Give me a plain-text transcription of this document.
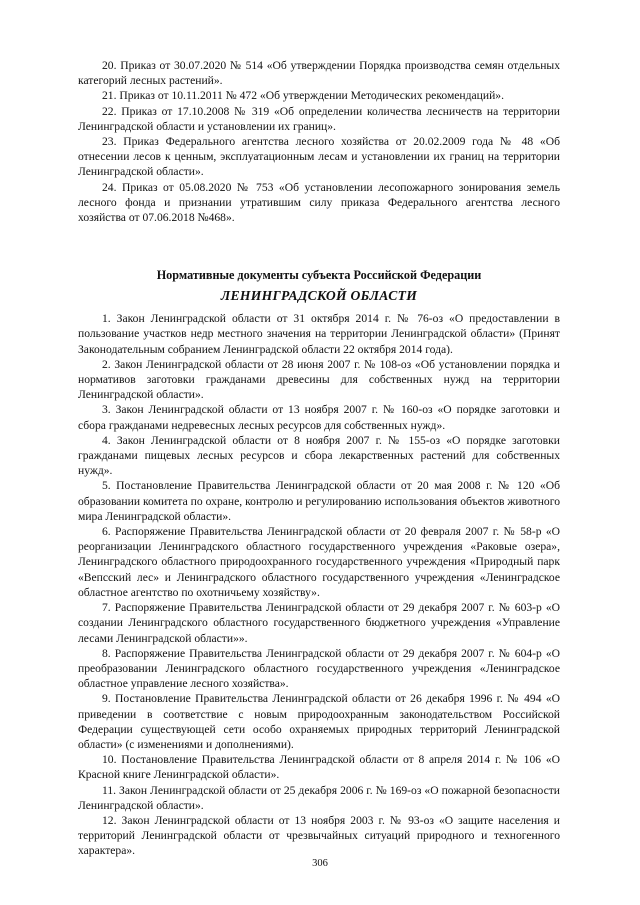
20. Приказ от 30.07.2020 № 514 «Об утверждении Порядка производства семян отдельных категорий лесных растений».

21. Приказ от 10.11.2011 № 472 «Об утверждении Методических рекомендаций».

22. Приказ от 17.10.2008 № 319 «Об определении количества лесничеств на территории Ленинградской области и установлении их границ».

23. Приказ Федерального агентства лесного хозяйства от 20.02.2009 года № 48 «Об отнесении лесов к ценным, эксплуатационным лесам и установлении их границ на территории Ленинградской области».

24. Приказ от 05.08.2020 № 753 «Об установлении лесопожарного зонирования земель лесного фонда и признании утратившим силу приказа Федерального агентства лесного хозяйства от 07.06.2018 №468».

Нормативные документы субъекта Российской Федерации
ЛЕНИНГРАДСКОЙ ОБЛАСТИ

1. Закон Ленинградской области от 31 октября 2014 г. № 76-оз «О предоставлении в пользование участков недр местного значения на территории Ленинградской области» (Принят Законодательным собранием Ленинградской области 22 октября 2014 года).

2. Закон Ленинградской области от 28 июня 2007 г. № 108-оз «Об установлении порядка и нормативов заготовки гражданами древесины для собственных нужд на территории Ленинградской области».

3. Закон Ленинградской области от 13 ноября 2007 г. № 160-оз «О порядке заготовки и сбора гражданами недревесных лесных ресурсов для собственных нужд».

4. Закон Ленинградской области от 8 ноября 2007 г. № 155-оз «О порядке заготовки гражданами пищевых лесных ресурсов и сбора лекарственных растений для собственных нужд».

5. Постановление Правительства Ленинградской области от 20 мая 2008 г. № 120 «Об образовании комитета по охране, контролю и регулированию использования объектов животного мира Ленинградской области».

6. Распоряжение Правительства Ленинградской области от 20 февраля 2007 г. № 58-р «О реорганизации Ленинградского областного государственного учреждения «Раковые озера», Ленинградского областного природоохранного государственного учреждения «Природный парк «Вепсский лес» и Ленинградского областного государственного учреждения «Ленинградское областное агентство по охотничьему хозяйству».

7. Распоряжение Правительства Ленинградской области от 29 декабря 2007 г. № 603-р «О создании Ленинградского областного государственного бюджетного учреждения «Управление лесами Ленинградской области»».

8. Распоряжение Правительства Ленинградской области от 29 декабря 2007 г. № 604-р «О преобразовании Ленинградского областного государственного учреждения «Ленинградское областное управление лесного хозяйства».

9. Постановление Правительства Ленинградской области от 26 декабря 1996 г. № 494 «О приведении в соответствие с новым природоохранным законодательством Российской Федерации существующей сети особо охраняемых природных территорий Ленинградской области» (с изменениями и дополнениями).

10. Постановление Правительства Ленинградской области от 8 апреля 2014 г. № 106 «О Красной книге Ленинградской области».

11. Закон Ленинградской области от 25 декабря 2006 г. № 169-оз «О пожарной безопасности Ленинградской области».

12. Закон Ленинградской области от 13 ноября 2003 г. № 93-оз «О защите населения и территорий Ленинградской области от чрезвычайных ситуаций природного и техногенного характера».

306
